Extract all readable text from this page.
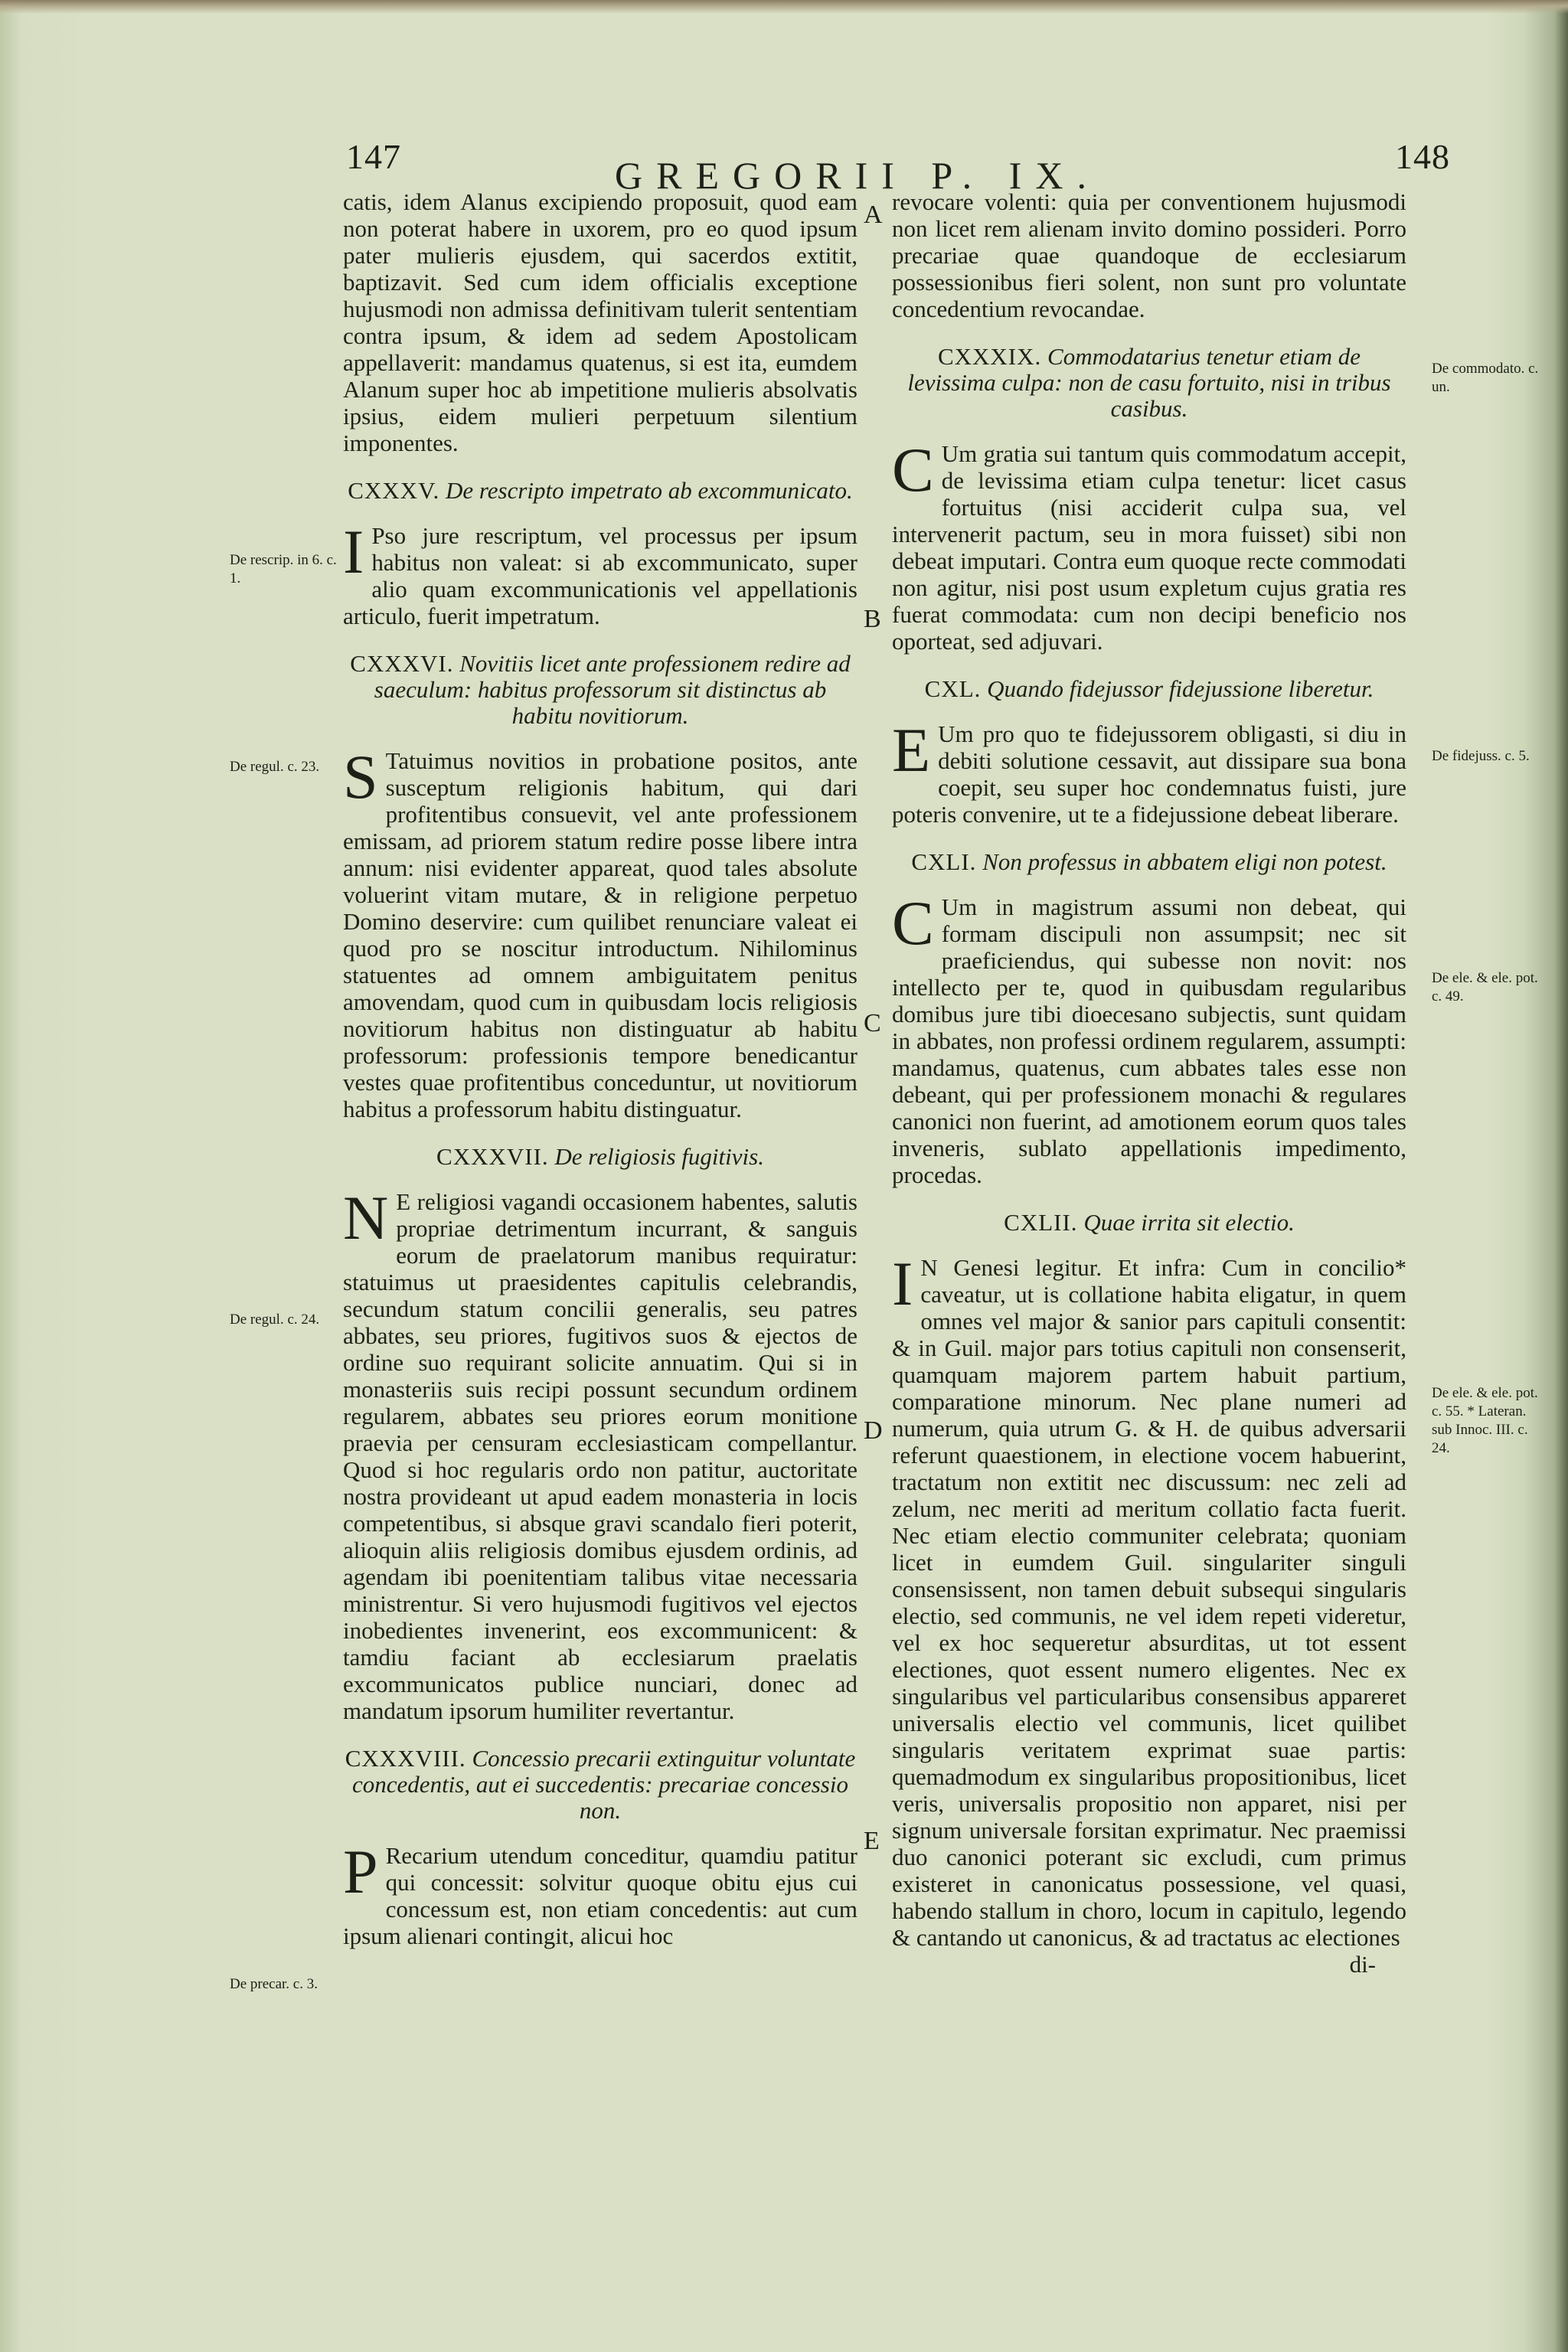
147	GREGORII P. IX.	148

catis, idem Alanus excipiendo proposuit, quod eam non poterat habere in uxorem, pro eo quod ipsum pater mulieris ejusdem, qui sacerdos extitit, baptizavit. Sed cum idem officialis exceptione hujusmodi non admissa definitivam tulerit sententiam contra ipsum, & idem ad sedem Apostolicam appellaverit: mandamus quatenus, si est ita, eumdem Alanum super hoc ab impetitione mulieris absolvatis ipsius, eidem mulieri perpetuum silentium imponentes.

CXXXV. De rescripto impetrato ab excommunicato.

I Pso jure rescriptum, vel processus per ipsum habitus non valeat: si ab excommunicato, super alio quam excommunicationis vel appellationis articulo, fuerit impetratum.

CXXXVI. Novitiis licet ante professionem redire ad saeculum: habitus professorum sit distinctus ab habitu novitiorum.

S Tatuimus novitios in probatione positos, ante susceptum religionis habitum, qui dari profitentibus consuevit, vel ante professionem emissam, ad priorem statum redire posse libere intra annum: nisi evidenter appareat, quod tales absolute voluerint vitam mutare, & in religione perpetuo Domino deservire: cum quilibet renunciare valeat ei quod pro se noscitur introductum. Nihilominus statuentes ad omnem ambiguitatem penitus amovendam, quod cum in quibusdam locis religiosis novitiorum habitus non distinguatur ab habitu professorum: professionis tempore benedicantur vestes quae profitentibus conceduntur, ut novitiorum habitus a professorum habitu distinguatur.

CXXXVII. De religiosis fugitivis.

N E religiosi vagandi occasionem habentes, salutis propriae detrimentum incurrant, & sanguis eorum de praelatorum manibus requiratur: statuimus ut praesidentes capitulis celebrandis, secundum statum concilii generalis, seu patres abbates, seu priores, fugitivos suos & ejectos de ordine suo requirant solicite annuatim. Qui si in monasteriis suis recipi possunt secundum ordinem regularem, abbates seu priores eorum monitione praevia per censuram ecclesiasticam compellantur. Quod si hoc regularis ordo non patitur, auctoritate nostra provideant ut apud eadem monasteria in locis competentibus, si absque gravi scandalo fieri poterit, alioquin aliis religiosis domibus ejusdem ordinis, ad agendam ibi poenitentiam talibus vitae necessaria ministrentur. Si vero hujusmodi fugitivos vel ejectos inobedientes invenerint, eos excommunicent: & tamdiu faciant ab ecclesiarum praelatis excommunicatos publice nunciari, donec ad mandatum ipsorum humiliter revertantur.

CXXXVIII. Concessio precarii extinguitur voluntate concedentis, aut ei succedentis: precariae concessio non.

P Recarium utendum conceditur, quamdiu patitur qui concessit: solvitur quoque obitu ejus cui concessum est, non etiam concedentis: aut cum ipsum alienari contingit, alicui hoc

revocare volenti: quia per conventionem hujusmodi non licet rem alienam invito domino possideri. Porro precariae quae quandoque de ecclesiarum possessionibus fieri solent, non sunt pro voluntate concedentium revocandae.

CXXXIX. Commodatarius tenetur etiam de levissima culpa: non de casu fortuito, nisi in tribus casibus.

C Um gratia sui tantum quis commodatum accepit, de levissima etiam culpa tenetur: licet casus fortuitus (nisi acciderit culpa sua, vel intervenerit pactum, seu in mora fuisset) sibi non debeat imputari. Contra eum quoque recte commodati non agitur, nisi post usum expletum cujus gratia res fuerat commodata: cum non decipi beneficio nos oporteat, sed adjuvari.

CXL. Quando fidejussor fidejussione liberetur.

E Um pro quo te fidejussorem obligasti, si diu in debiti solutione cessavit, aut dissipare sua bona coepit, seu super hoc condemnatus fuisti, jure poteris convenire, ut te a fidejussione debeat liberare.

CXLI. Non professus in abbatem eligi non potest.

C Um in magistrum assumi non debeat, qui formam discipuli non assumpsit; nec sit praeficiendus, qui subesse non novit: nos intellecto per te, quod in quibusdam regularibus domibus jure tibi dioecesano subjectis, sunt quidam in abbates, non professi ordinem regularem, assumpti: mandamus, quatenus, cum abbates tales esse non debeant, qui per professionem monachi & regulares canonici non fuerint, ad amotionem eorum quos tales inveneris, sublato appellationis impedimento, procedas.

CXLII. Quae irrita sit electio.

I N Genesi legitur. Et infra: Cum in concilio* caveatur, ut is collatione habita eligatur, in quem omnes vel major & sanior pars capituli consentit: & in Guil. major pars totius capituli non consenserit, quamquam majorem partem habuit partium, comparatione minorum. Nec plane numeri ad numerum, quia utrum G. & H. de quibus adversarii referunt quaestionem, in electione vocem habuerint, tractatum non extitit nec discussum: nec zeli ad zelum, nec meriti ad meritum collatio facta fuerit. Nec etiam electio communiter celebrata; quoniam licet in eumdem Guil. singulariter singuli consensissent, non tamen debuit subsequi singularis electio, sed communis, ne vel idem repeti videretur, vel ex hoc sequeretur absurditas, ut tot essent electiones, quot essent numero eligentes. Nec ex singularibus vel particularibus consensibus appareret universalis electio vel communis, licet quilibet singularis veritatem exprimat suae partis: quemadmodum ex singularibus propositionibus, licet veris, universalis propositio non apparet, nisi per signum universale forsitan exprimatur. Nec praemissi duo canonici poterant sic excludi, cum primus existeret in canonicatus possessione, vel quasi, habendo stallum in choro, locum in capitulo, legendo & cantando ut canonicus, & ad tractatus ac electiones

di-
De rescrip. in 6. c. 1.
De regul. c. 23.
De regul. c. 24.
De precar. c. 3.
De commodato. c. un.
De fidejuss. c. 5.
De ele. & ele. pot. c. 49.
De ele. & ele. pot. c. 55. * Lateran. sub Innoc. III. c. 24.
A
B
C
D
E
